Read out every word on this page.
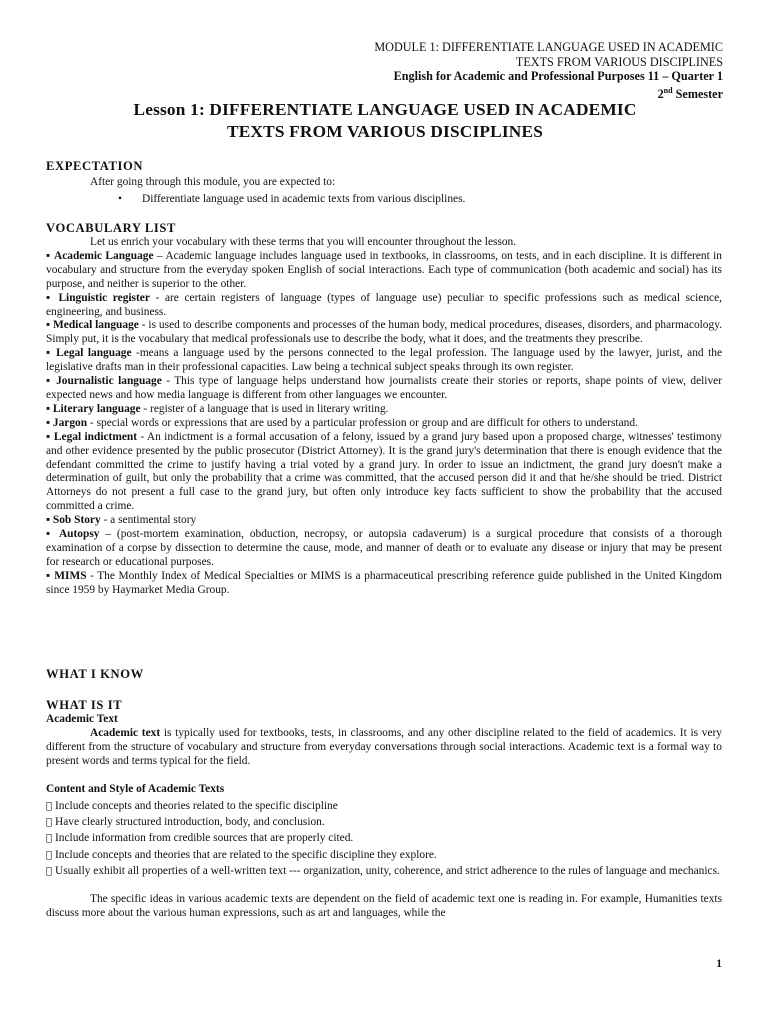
MODULE 1: DIFFERENTIATE LANGUAGE USED IN ACADEMIC
TEXTS FROM VARIOUS DISCIPLINES
English for Academic and Professional Purposes 11 – Quarter 1
2nd Semester
Lesson 1: DIFFERENTIATE LANGUAGE USED IN ACADEMIC
TEXTS FROM VARIOUS DISCIPLINES
EXPECTATION

After going through this module, you are expected to:

• Differentiate language used in academic texts from various disciplines.
VOCABULARY LIST

Let us enrich your vocabulary with these terms that you will encounter throughout the lesson.

▪ Academic Language – Academic language includes language used in textbooks, in classrooms, on tests, and in each discipline. It is different in vocabulary and structure from the everyday spoken English of social interactions. Each type of communication (both academic and social) has its purpose, and neither is superior to the other.

▪ Linguistic register - are certain registers of language (types of language use) peculiar to specific professions such as medical science, engineering, and business.

▪ Medical language - is used to describe components and processes of the human body, medical procedures, diseases, disorders, and pharmacology. Simply put, it is the vocabulary that medical professionals use to describe the body, what it does, and the treatments they prescribe.

▪ Legal language -means a language used by the persons connected to the legal profession. The language used by the lawyer, jurist, and the legislative drafts man in their professional capacities. Law being a technical subject speaks through its own register.

▪ Journalistic language - This type of language helps understand how journalists create their stories or reports, shape points of view, deliver expected news and how media language is different from other languages we encounter.

▪ Literary language - register of a language that is used in literary writing.

▪ Jargon - special words or expressions that are used by a particular profession or group and are difficult for others to understand.

▪ Legal indictment - An indictment is a formal accusation of a felony, issued by a grand jury based upon a proposed charge, witnesses' testimony and other evidence presented by the public prosecutor (District Attorney). It is the grand jury's determination that there is enough evidence that the defendant committed the crime to justify having a trial voted by a grand jury. In order to issue an indictment, the grand jury doesn't make a determination of guilt, but only the probability that a crime was committed, that the accused person did it and that he/she should be tried. District Attorneys do not present a full case to the grand jury, but often only introduce key facts sufficient to show the probability that the accused committed a crime.

▪ Sob Story - a sentimental story

▪ Autopsy – (post-mortem examination, obduction, necropsy, or autopsia cadaverum) is a surgical procedure that consists of a thorough examination of a corpse by dissection to determine the cause, mode, and manner of death or to evaluate any disease or injury that may be present for research or educational purposes.

▪ MIMS - The Monthly Index of Medical Specialties or MIMS is a pharmaceutical prescribing reference guide published in the United Kingdom since 1959 by Haymarket Media Group.

WHAT I KNOW
WHAT IS IT

Academic Text

Academic text is typically used for textbooks, tests, in classrooms, and any other discipline related to the field of academics. It is very different from the structure of vocabulary and structure from everyday conversations through social interactions. Academic text is a formal way to present words and terms typical for the field.

Content and Style of Academic Texts

Include concepts and theories related to the specific discipline

Have clearly structured introduction, body, and conclusion.

Include information from credible sources that are properly cited.

Include concepts and theories that are related to the specific discipline they explore.

Usually exhibit all properties of a well-written text --- organization, unity, coherence, and strict adherence to the rules of language and mechanics.

The specific ideas in various academic texts are dependent on the field of academic text one is reading in. For example, Humanities texts discuss more about the various human expressions, such as art and languages, while the

1
